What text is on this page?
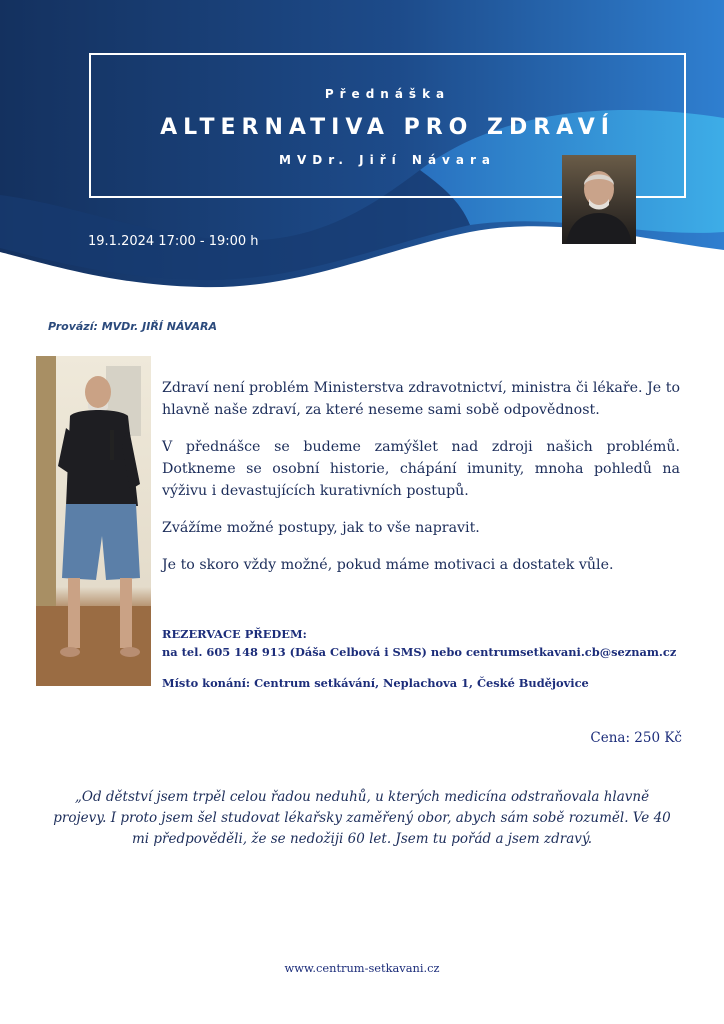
Přednáška
ALTERNATIVA PRO ZDRAVÍ
MVDr. Jiří Návara
19.1.2024 17:00 - 19:00 h
Provází: MVDr. JIŘÍ NÁVARA

Zdraví není problém Ministerstva zdravotnictví, ministra či lékaře. Je to hlavně naše zdraví, za které neseme sami sobě odpovědnost.

V přednášce se budeme zamýšlet nad zdroji našich problémů. Dotkneme se osobní historie, chápání imunity, mnoha pohledů na výživu i devastujících kurativních postupů.

Zvážíme možné postupy, jak to vše napravit.

Je to skoro vždy možné, pokud máme motivaci a dostatek vůle.

REZERVACE PŘEDEM:
na tel. 605 148 913 (Dáša Celbová i SMS) nebo centrumsetkavani.cb@seznam.cz
Místo konání: Centrum setkávání, Neplachova 1, České Budějovice
Cena: 250 Kč
„Od dětství jsem trpěl celou řadou neduhů, u kterých medicína odstraňovala hlavně projevy. I proto jsem šel studovat lékařsky zaměřený obor, abych sám sobě rozuměl. Ve 40 mi předpověděli, že se nedožiji 60 let. Jsem tu pořád a jsem zdravý.
www.centrum-setkavani.cz
